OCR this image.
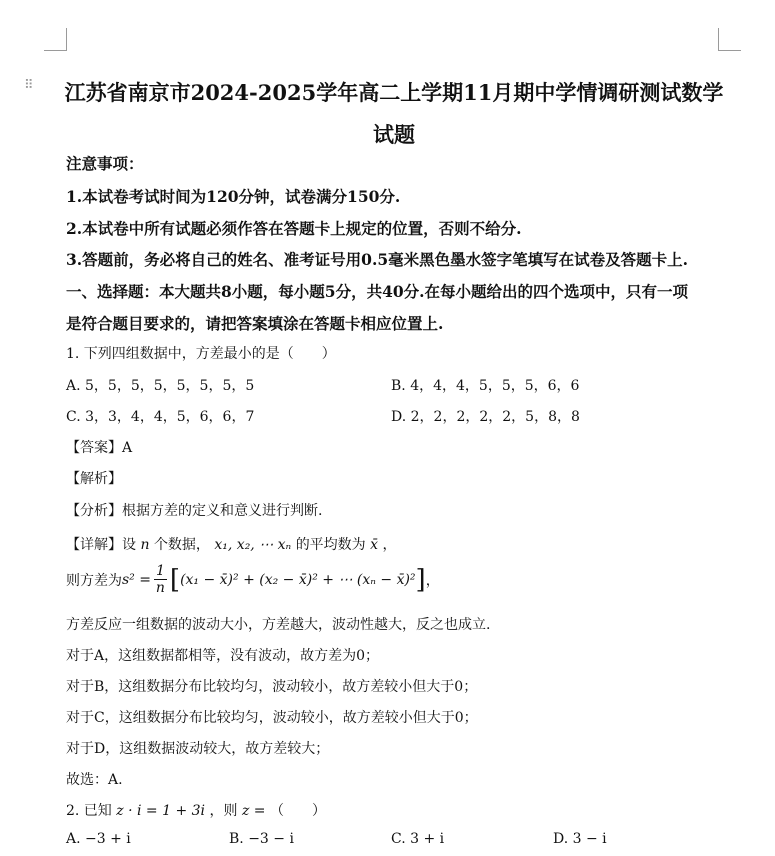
⠿ 江苏省南京市2024-2025学年高二上学期11月期中学情调研测试数学试题
注意事项：
1.本试卷考试时间为120分钟，试卷满分150分.
2.本试卷中所有试题必须作答在答题卡上规定的位置，否则不给分.
3.答题前，务必将自己的姓名、准考证号用0.5毫米黑色墨水签字笔填写在试卷及答题卡上.
一、选择题：本大题共8小题，每小题5分，共40分.在每小题给出的四个选项中，只有一项
是符合题目要求的，请把答案填涂在答题卡相应位置上.
1. 下列四组数据中，方差最小的是（　　）
A. 5，5，5，5，5，5，5，5	B. 4，4，4，5，5，5，6，6
C. 3，3，4，4，5，6，6，7	D. 2，2，2，2，2，5，8，8
【答案】A
【解析】
【分析】根据方差的定义和意义进行判断.
【详解】设 n 个数据， x₁, x₂, ⋯ xₙ 的平均数为 x̄ ，
则方差为 $s^2 = \frac{1}{n}$ [ (x₁ − x̄)² + (x₂ − x̄)² + ⋯ (xₙ − x̄)² ] ，
方差反应一组数据的波动大小，方差越大，波动性越大，反之也成立.
对于A，这组数据都相等，没有波动，故方差为0；
对于B，这组数据分布比较均匀，波动较小，故方差较小但大于0；
对于C，这组数据分布比较均匀，波动较小，故方差较小但大于0；
对于D，这组数据波动较大，故方差较大；
故选：A.
2. 已知 z · i = 1 + 3i ，则 z = （　　）
A. −3 + i	B. −3 − i	C. 3 + i	D. 3 − i
